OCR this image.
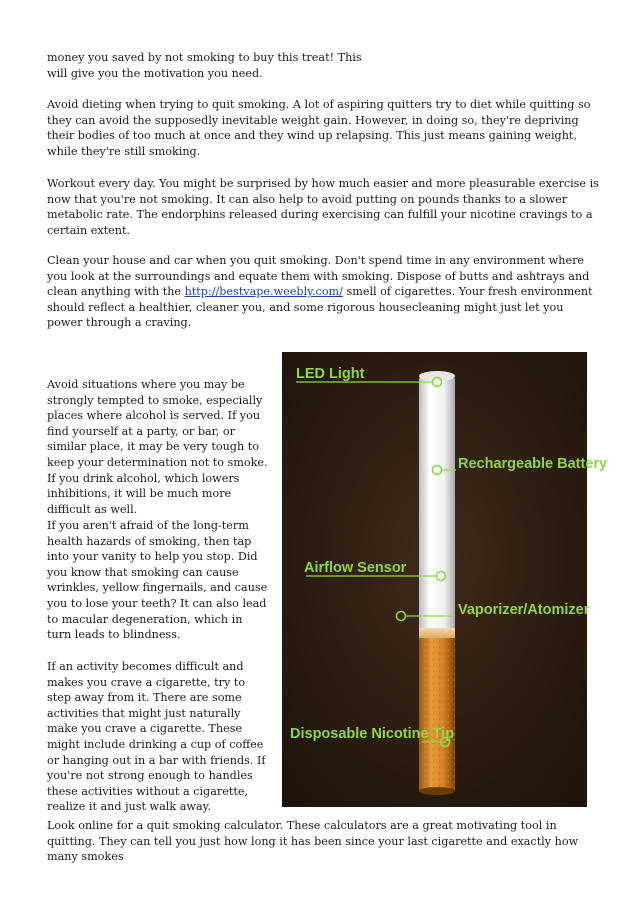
money you saved by not smoking to buy this treat! This
will give you the motivation you need.

Avoid dieting when trying to quit smoking. A lot of aspiring quitters try to diet while quitting so they can avoid the supposedly inevitable weight gain. However, in doing so, they're depriving their bodies of too much at once and they wind up relapsing. This just means gaining weight, while they're still smoking.

Workout every day. You might be surprised by how much easier and more pleasurable exercise is now that you're not smoking. It can also help to avoid putting on pounds thanks to a slower metabolic rate. The endorphins released during exercising can fulfill your nicotine cravings to a certain extent.

Clean your house and car when you quit smoking. Don't spend time in any environment where you look at the surroundings and equate them with smoking. Dispose of butts and ashtrays and clean anything with the http://bestvape.weebly.com/ smell of cigarettes. Your fresh environment should reflect a healthier, cleaner you, and some rigorous housecleaning might just let you power through a craving.

Avoid situations where you may be strongly tempted to smoke, especially places where alcohol is served. If you find yourself at a party, or bar, or similar place, it may be very tough to keep your determination not to smoke. If you drink alcohol, which lowers inhibitions, it will be much more difficult as well.

If you aren't afraid of the long-term health hazards of smoking, then tap into your vanity to help you stop. Did you know that smoking can cause wrinkles, yellow fingernails, and cause you to lose your teeth? It can also lead to macular degeneration, which in turn leads to blindness.

If an activity becomes difficult and makes you crave a cigarette, try to step away from it. There are some activities that might just naturally make you crave a cigarette. These might include drinking a cup of coffee or hanging out in a bar with friends. If you're not strong enough to handles these activities without a cigarette, realize it and just walk away.

Look online for a quit smoking calculator. These calculators are a great motivating tool in quitting. They can tell you just how long it has been since your last cigarette and exactly how many smokes

LED Light
Rechargeable Battery
Airflow Sensor
Vaporizer/Atomizer
Disposable Nicotine Tip
